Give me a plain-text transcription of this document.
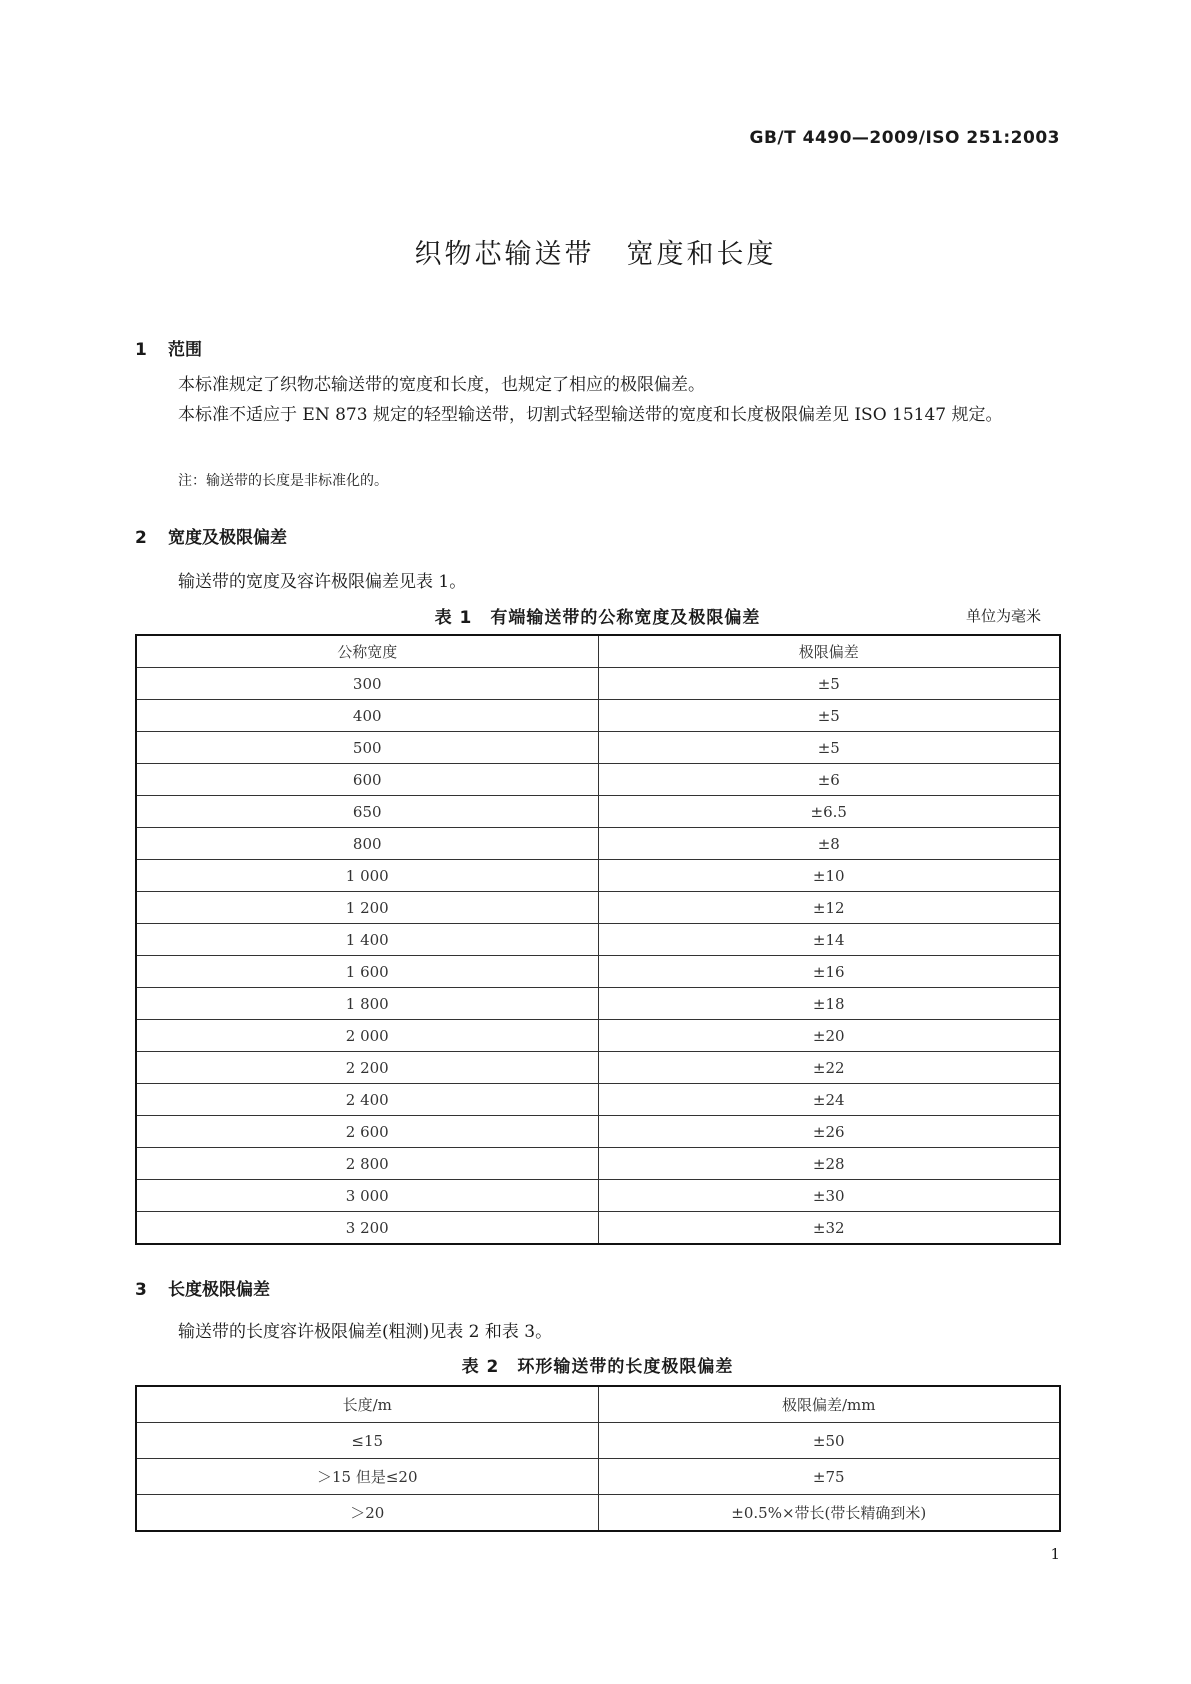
GB/T 4490—2009/ISO 251:2003
织物芯输送带 宽度和长度
1 范围
本标准规定了织物芯输送带的宽度和长度，也规定了相应的极限偏差。
本标准不适应于 EN 873 规定的轻型输送带，切割式轻型输送带的宽度和长度极限偏差见 ISO 15147 规定。
注：输送带的长度是非标准化的。
2 宽度及极限偏差
输送带的宽度及容许极限偏差见表 1。
表 1　有端输送带的公称宽度及极限偏差	单位为毫米
公称宽度	极限偏差
300	±5
400	±5
500	±5
600	±6
650	±6.5
800	±8
1 000	±10
1 200	±12
1 400	±14
1 600	±16
1 800	±18
2 000	±20
2 200	±22
2 400	±24
2 600	±26
2 800	±28
3 000	±30
3 200	±32
3 长度极限偏差
输送带的长度容许极限偏差(粗测)见表 2 和表 3。
表 2　环形输送带的长度极限偏差
长度/m	极限偏差/mm
≤15	±50
＞15 但是≤20	±75
＞20	±0.5%×带长(带长精确到米)
1
